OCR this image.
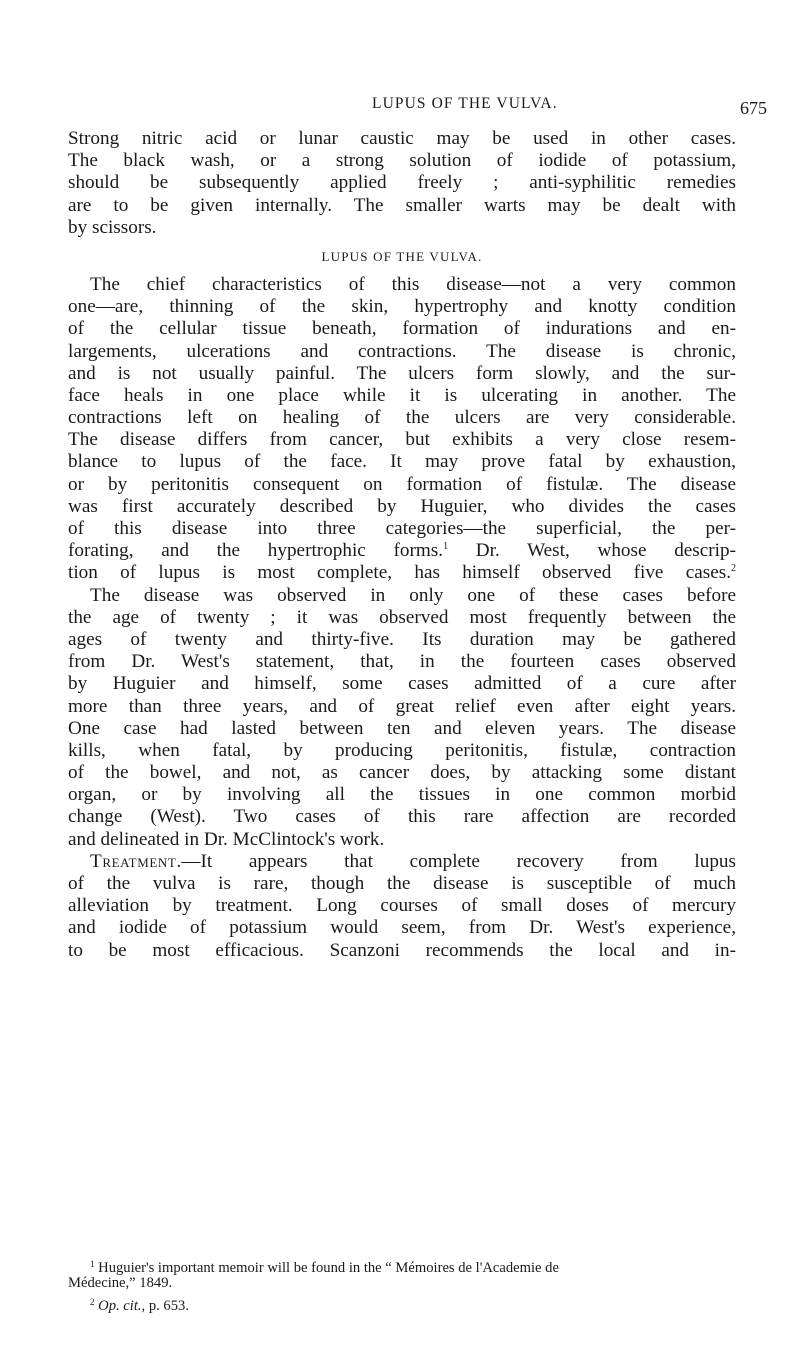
LUPUS OF THE VULVA.	675
Strong nitric acid or lunar caustic may be used in other cases.
The black wash, or a strong solution of iodide of potassium,
should be subsequently applied freely ; anti-syphilitic remedies
are to be given internally. The smaller warts may be dealt with
by scissors.
LUPUS OF THE VULVA.
The chief characteristics of this disease—not a very common
one—are, thinning of the skin, hypertrophy and knotty condition
of the cellular tissue beneath, formation of indurations and en-
largements, ulcerations and contractions. The disease is chronic,
and is not usually painful. The ulcers form slowly, and the sur-
face heals in one place while it is ulcerating in another. The
contractions left on healing of the ulcers are very considerable.
The disease differs from cancer, but exhibits a very close resem-
blance to lupus of the face. It may prove fatal by exhaustion,
or by peritonitis consequent on formation of fistulæ. The disease
was first accurately described by Huguier, who divides the cases
of this disease into three categories—the superficial, the per-
forating, and the hypertrophic forms.$^1$ Dr. West, whose descrip-
tion of lupus is most complete, has himself observed five cases.$^2$
The disease was observed in only one of these cases before
the age of twenty ; it was observed most frequently between the
ages of twenty and thirty-five. Its duration may be gathered
from Dr. West's statement, that, in the fourteen cases observed
by Huguier and himself, some cases admitted of a cure after
more than three years, and of great relief even after eight years.
One case had lasted between ten and eleven years. The disease
kills, when fatal, by producing peritonitis, fistulæ, contraction
of the bowel, and not, as cancer does, by attacking some distant
organ, or by involving all the tissues in one common morbid
change (West). Two cases of this rare affection are recorded
and delineated in Dr. McClintock's work.
Treatment.—It appears that complete recovery from lupus
of the vulva is rare, though the disease is susceptible of much
alleviation by treatment. Long courses of small doses of mercury
and iodide of potassium would seem, from Dr. West's experience,
to be most efficacious. Scanzoni recommends the local and in-
$^1$ Huguier's important memoir will be found in the “ Mémoires de l'Academie de
Médecine,” 1849.
$^2$ Op. cit., p. 653.
